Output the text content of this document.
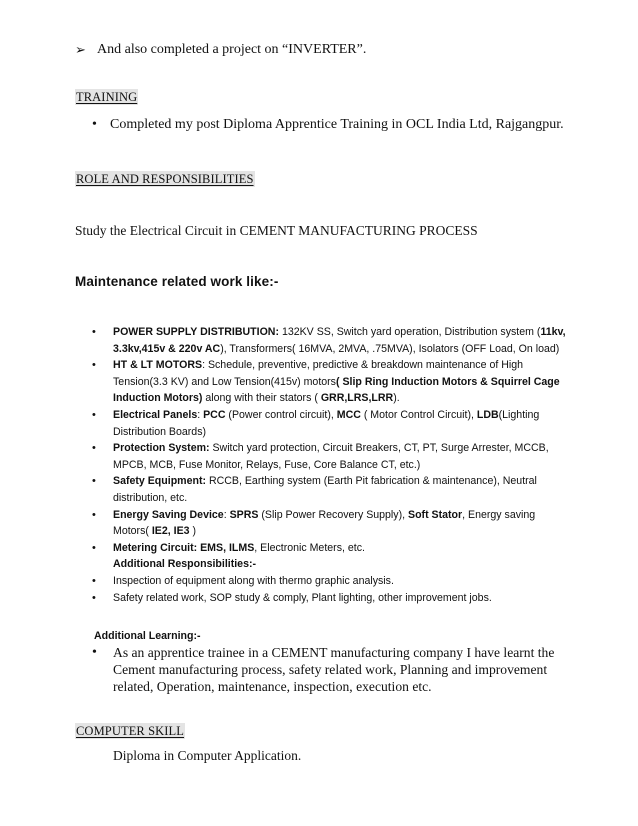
➢ And also completed a project on “INVERTER”.
TRAINING
• Completed my post Diploma Apprentice Training in OCL India Ltd, Rajgangpur.
ROLE AND RESPONSIBILITIES
Study the Electrical Circuit in CEMENT MANUFACTURING PROCESS
Maintenance related work like:-
•	POWER SUPPLY DISTRIBUTION: 132KV SS, Switch yard operation, Distribution system (11kv,
3.3kv,415v & 220v AC), Transformers( 16MVA, 2MVA, .75MVA), Isolators (OFF Load, On load)
•	HT & LT MOTORS: Schedule, preventive, predictive & breakdown maintenance of High Tension(3.3 KV) and Low Tension(415v) motors( Slip Ring Induction Motors & Squirrel Cage Induction Motors) along with their stators ( GRR,LRS,LRR).
•	Electrical Panels: PCC (Power control circuit), MCC ( Motor Control Circuit), LDB(Lighting Distribution Boards)
•	Protection System: Switch yard protection, Circuit Breakers, CT, PT, Surge Arrester, MCCB, MPCB, MCB, Fuse Monitor, Relays, Fuse, Core Balance CT, etc.)
•	Safety Equipment: RCCB, Earthing system (Earth Pit fabrication & maintenance), Neutral distribution, etc.
•	Energy Saving Device: SPRS (Slip Power Recovery Supply), Soft Stator, Energy saving Motors( IE2, IE3 )
•	Metering Circuit: EMS, ILMS, Electronic Meters, etc.
Additional Responsibilities:-
•	Inspection of equipment along with thermo graphic analysis.
•	Safety related work, SOP study & comply, Plant lighting, other improvement jobs.
Additional Learning:-
•	As an apprentice trainee in a CEMENT manufacturing company I have learnt the Cement manufacturing process, safety related work, Planning and improvement related, Operation, maintenance, inspection, execution etc.
COMPUTER SKILL
Diploma in Computer Application.
